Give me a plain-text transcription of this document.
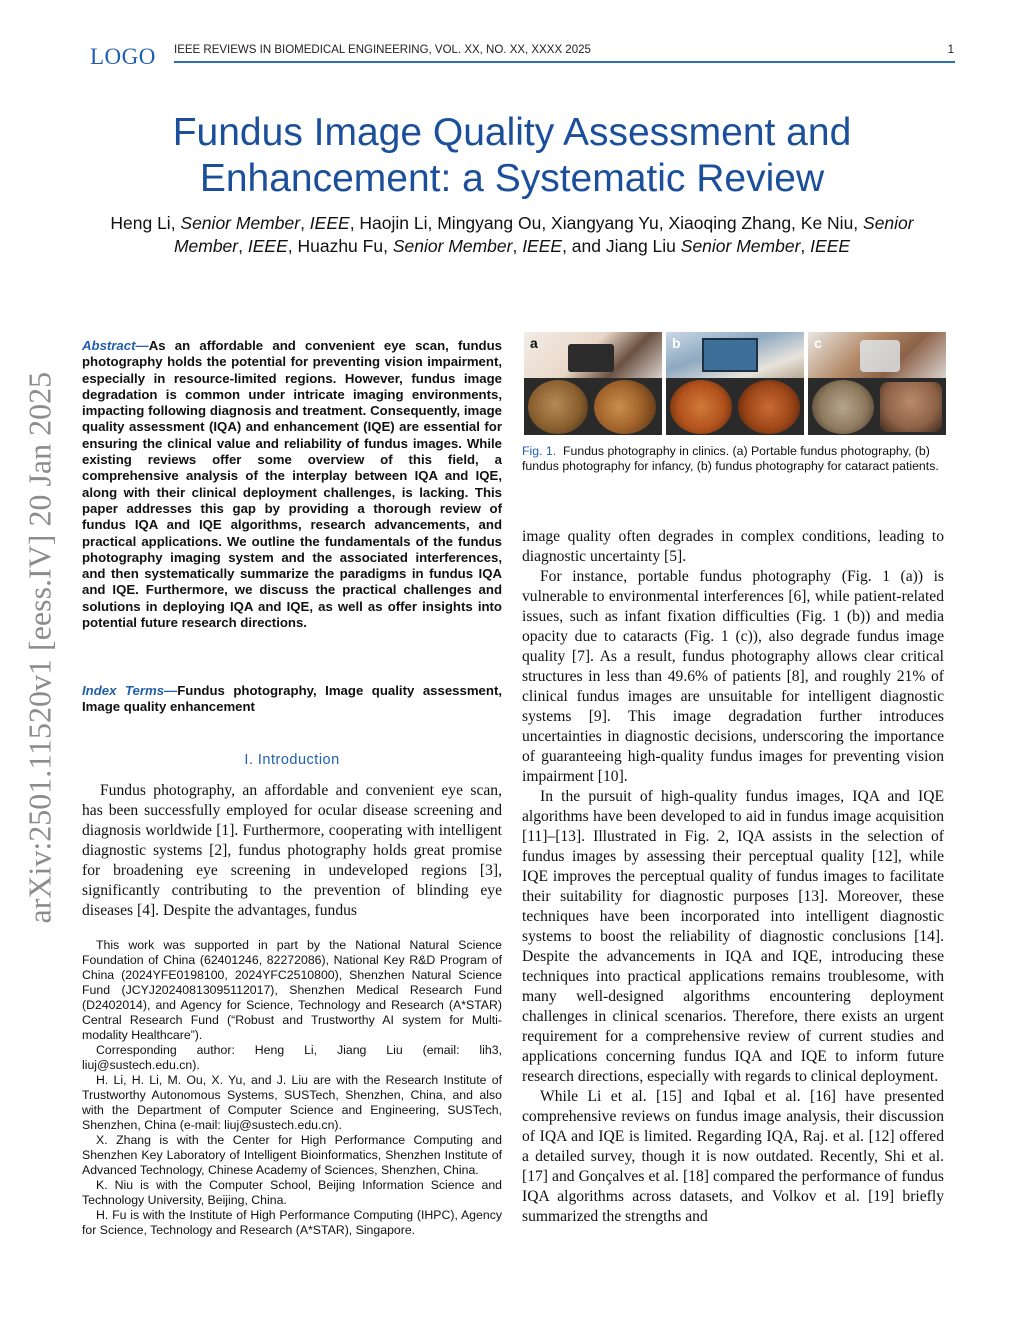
LOGO IEEE REVIEWS IN BIOMEDICAL ENGINEERING, VOL. XX, NO. XX, XXXX 2025	1
Fundus Image Quality Assessment and Enhancement: a Systematic Review
Heng Li, Senior Member, IEEE, Haojin Li, Mingyang Ou, Xiangyang Yu, Xiaoqing Zhang, Ke Niu, Senior Member, IEEE, Huazhu Fu, Senior Member, IEEE, and Jiang Liu Senior Member, IEEE
arXiv:2501.11520v1 [eess.IV] 20 Jan 2025
Abstract—As an affordable and convenient eye scan, fundus photography holds the potential for preventing vision impairment, especially in resource-limited regions. However, fundus image degradation is common under intricate imaging environments, impacting following diagnosis and treatment. Consequently, image quality assessment (IQA) and enhancement (IQE) are essential for ensuring the clinical value and reliability of fundus images. While existing reviews offer some overview of this field, a comprehensive analysis of the interplay between IQA and IQE, along with their clinical deployment challenges, is lacking. This paper addresses this gap by providing a thorough review of fundus IQA and IQE algorithms, research advancements, and practical applications. We outline the fundamentals of the fundus photography imaging system and the associated interferences, and then systematically summarize the paradigms in fundus IQA and IQE. Furthermore, we discuss the practical challenges and solutions in deploying IQA and IQE, as well as offer insights into potential future research directions.
Index Terms—Fundus photography, Image quality assessment, Image quality enhancement
I. Introduction

Fundus photography, an affordable and convenient eye scan, has been successfully employed for ocular disease screening and diagnosis worldwide [1]. Furthermore, cooperating with intelligent diagnostic systems [2], fundus photography holds great promise for broadening eye screening in undeveloped regions [3], significantly contributing to the prevention of blinding eye diseases [4]. Despite the advantages, fundus

This work was supported in part by the National Natural Science Foundation of China (62401246, 82272086), National Key R&D Program of China (2024YFE0198100, 2024YFC2510800), Shenzhen Natural Science Fund (JCYJ20240813095112017), Shenzhen Medical Research Fund (D2402014), and Agency for Science, Technology and Research (A*STAR) Central Research Fund (“Robust and Trustworthy AI system for Multi-modality Healthcare”).

Corresponding author: Heng Li, Jiang Liu (email: lih3, liuj@sustech.edu.cn).

H. Li, H. Li, M. Ou, X. Yu, and J. Liu are with the Research Institute of Trustworthy Autonomous Systems, SUSTech, Shenzhen, China, and also with the Department of Computer Science and Engineering, SUSTech, Shenzhen, China (e-mail: liuj@sustech.edu.cn).

X. Zhang is with the Center for High Performance Computing and Shenzhen Key Laboratory of Intelligent Bioinformatics, Shenzhen Institute of Advanced Technology, Chinese Academy of Sciences, Shenzhen, China.

K. Niu is with the Computer School, Beijing Information Science and Technology University, Beijing, China.

H. Fu is with the Institute of High Performance Computing (IHPC), Agency for Science, Technology and Research (A*STAR), Singapore.

a	b	c
Fig. 1. Fundus photography in clinics. (a) Portable fundus photography, (b) fundus photography for infancy, (b) fundus photography for cataract patients.

image quality often degrades in complex conditions, leading to diagnostic uncertainty [5].

For instance, portable fundus photography (Fig. 1 (a)) is vulnerable to environmental interferences [6], while patient-related issues, such as infant fixation difficulties (Fig. 1 (b)) and media opacity due to cataracts (Fig. 1 (c)), also degrade fundus image quality [7]. As a result, fundus photography allows clear critical structures in less than 49.6% of patients [8], and roughly 21% of clinical fundus images are unsuitable for intelligent diagnostic systems [9]. This image degradation further introduces uncertainties in diagnostic decisions, underscoring the importance of guaranteeing high-quality fundus images for preventing vision impairment [10].

In the pursuit of high-quality fundus images, IQA and IQE algorithms have been developed to aid in fundus image acquisition [11]–[13]. Illustrated in Fig. 2, IQA assists in the selection of fundus images by assessing their perceptual quality [12], while IQE improves the perceptual quality of fundus images to facilitate their suitability for diagnostic purposes [13]. Moreover, these techniques have been incorporated into intelligent diagnostic systems to boost the reliability of diagnostic conclusions [14]. Despite the advancements in IQA and IQE, introducing these techniques into practical applications remains troublesome, with many well-designed algorithms encountering deployment challenges in clinical scenarios. Therefore, there exists an urgent requirement for a comprehensive review of current studies and applications concerning fundus IQA and IQE to inform future research directions, especially with regards to clinical deployment.

While Li et al. [15] and Iqbal et al. [16] have presented comprehensive reviews on fundus image analysis, their discussion of IQA and IQE is limited. Regarding IQA, Raj. et al. [12] offered a detailed survey, though it is now outdated. Recently, Shi et al. [17] and Gonçalves et al. [18] compared the performance of fundus IQA algorithms across datasets, and Volkov et al. [19] briefly summarized the strengths and
